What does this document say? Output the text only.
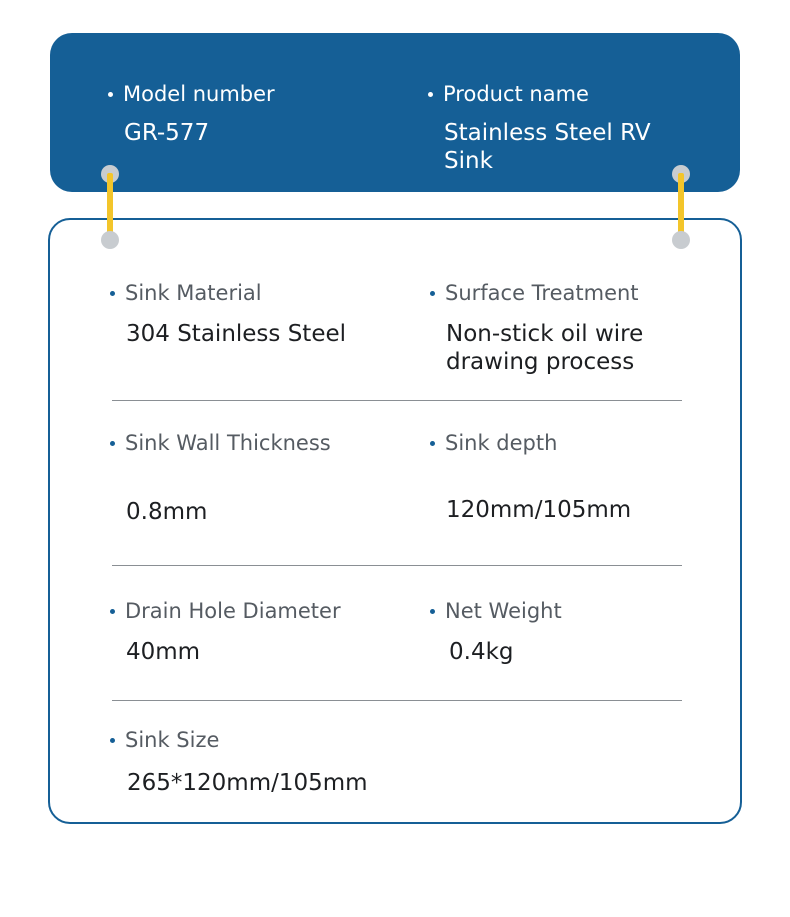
Model number
GR-577
Product name
Stainless Steel RV Sink
Sink Material
304 Stainless Steel
Surface Treatment
Non-stick oil wire drawing process
Sink Wall Thickness
0.8mm
Sink depth
120mm/105mm
Drain Hole Diameter
40mm
Net Weight
0.4kg
Sink Size
265*120mm/105mm
